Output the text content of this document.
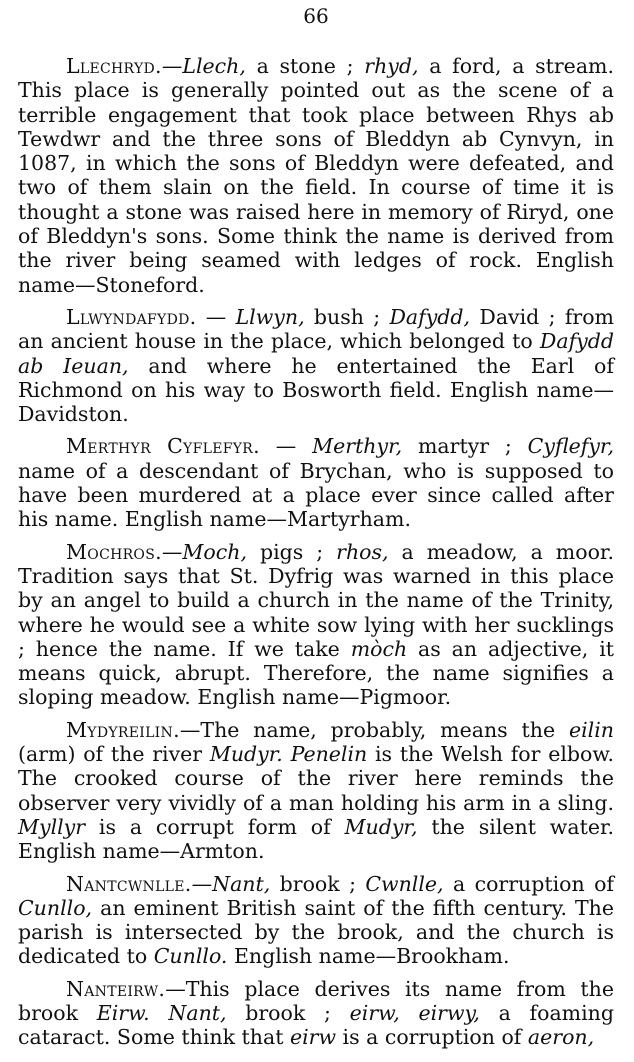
66

Llechryd.—Llech, a stone ; rhyd, a ford, a stream. This place is generally pointed out as the scene of a terrible engagement that took place between Rhys ab Tewdwr and the three sons of Bleddyn ab Cynvyn, in 1087, in which the sons of Bleddyn were defeated, and two of them slain on the field. In course of time it is thought a stone was raised here in memory of Riryd, one of Bleddyn's sons. Some think the name is derived from the river being seamed with ledges of rock. English name—Stoneford.

Llwyndafydd. — Llwyn, bush ; Dafydd, David ; from an ancient house in the place, which belonged to Dafydd ab Ieuan, and where he entertained the Earl of Richmond on his way to Bosworth field. English name—Davidston.

Merthyr Cyflefyr. — Merthyr, martyr ; Cyflefyr, name of a descendant of Brychan, who is supposed to have been murdered at a place ever since called after his name. English name—Martyrham.

Mochros.—Moch, pigs ; rhos, a meadow, a moor. Tradition says that St. Dyfrig was warned in this place by an angel to build a church in the name of the Trinity, where he would see a white sow lying with her sucklings ; hence the name. If we take mòch as an adjective, it means quick, abrupt. Therefore, the name signifies a sloping meadow. English name—Pigmoor.

Mydyreilin.—The name, probably, means the eilin (arm) of the river Mudyr. Penelin is the Welsh for elbow. The crooked course of the river here reminds the observer very vividly of a man holding his arm in a sling. Myllyr is a corrupt form of Mudyr, the silent water. English name—Armton.

Nantcwnlle.—Nant, brook ; Cwnlle, a corruption of Cunllo, an eminent British saint of the fifth century. The parish is intersected by the brook, and the church is dedicated to Cunllo. English name—Brookham.

Nanteirw.—This place derives its name from the brook Eirw. Nant, brook ; eirw, eirwy, a foaming cataract. Some think that eirw is a corruption of aeron,
